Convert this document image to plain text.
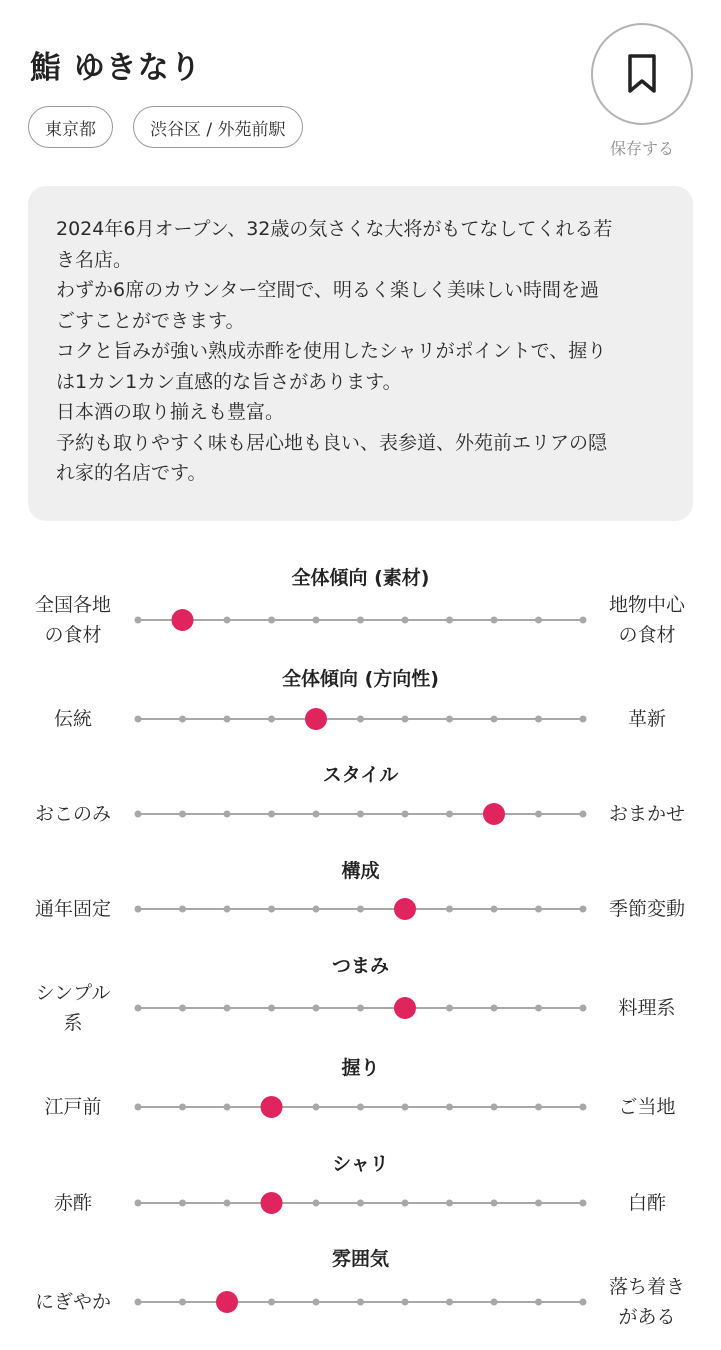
鮨 ゆきなり
東京都	渋谷区 / 外苑前駅
保存する

2024年6月オープン、32歳の気さくな大将がもてなしてくれる若

き名店。

わずか6席のカウンター空間で、明るく楽しく美味しい時間を過

ごすことができます。

コクと旨みが強い熟成赤酢を使用したシャリがポイントで、握り

は1カン1カン直感的な旨さがあります。

日本酒の取り揃えも豊富。

予約も取りやすく味も居心地も良い、表参道、外苑前エリアの隠

れ家的名店です。

全体傾向 (素材)
全国各地
の食材
地物中心
の食材
全体傾向 (方向性)
伝統	革新
スタイル
おこのみ	おまかせ
構成
通年固定	季節変動
つまみ
シンプル
系
料理系
握り
江戸前	ご当地
シャリ
赤酢	白酢
雰囲気
にぎやか
落ち着き
がある
